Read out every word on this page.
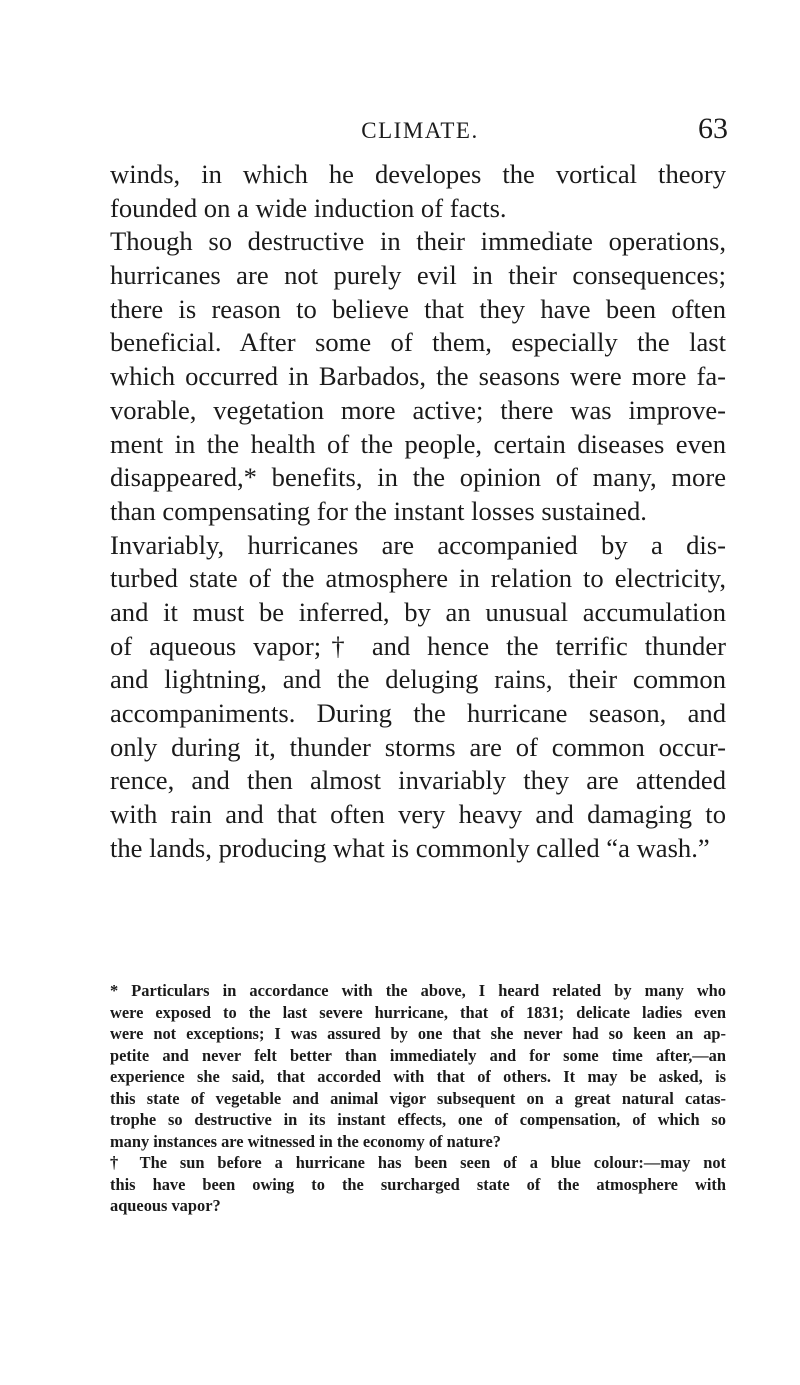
CLIMATE.	63
winds, in which he developes the vortical theory
founded on a wide induction of facts.
Though so destructive in their immediate operations,
hurricanes are not purely evil in their consequences;
there is reason to believe that they have been often
beneficial. After some of them, especially the last
which occurred in Barbados, the seasons were more fa-
vorable, vegetation more active; there was improve-
ment in the health of the people, certain diseases even
disappeared,* benefits, in the opinion of many, more
than compensating for the instant losses sustained.
Invariably, hurricanes are accompanied by a dis-
turbed state of the atmosphere in relation to electricity,
and it must be inferred, by an unusual accumulation
of aqueous vapor;† and hence the terrific thunder
and lightning, and the deluging rains, their common
accompaniments. During the hurricane season, and
only during it, thunder storms are of common occur-
rence, and then almost invariably they are attended
with rain and that often very heavy and damaging to
the lands, producing what is commonly called “a wash.”
* Particulars in accordance with the above, I heard related by many who
were exposed to the last severe hurricane, that of 1831; delicate ladies even
were not exceptions; I was assured by one that she never had so keen an ap-
petite and never felt better than immediately and for some time after,—an
experience she said, that accorded with that of others. It may be asked, is
this state of vegetable and animal vigor subsequent on a great natural catas-
trophe so destructive in its instant effects, one of compensation, of which so
many instances are witnessed in the economy of nature?
† The sun before a hurricane has been seen of a blue colour:—may not
this have been owing to the surcharged state of the atmosphere with
aqueous vapor?
